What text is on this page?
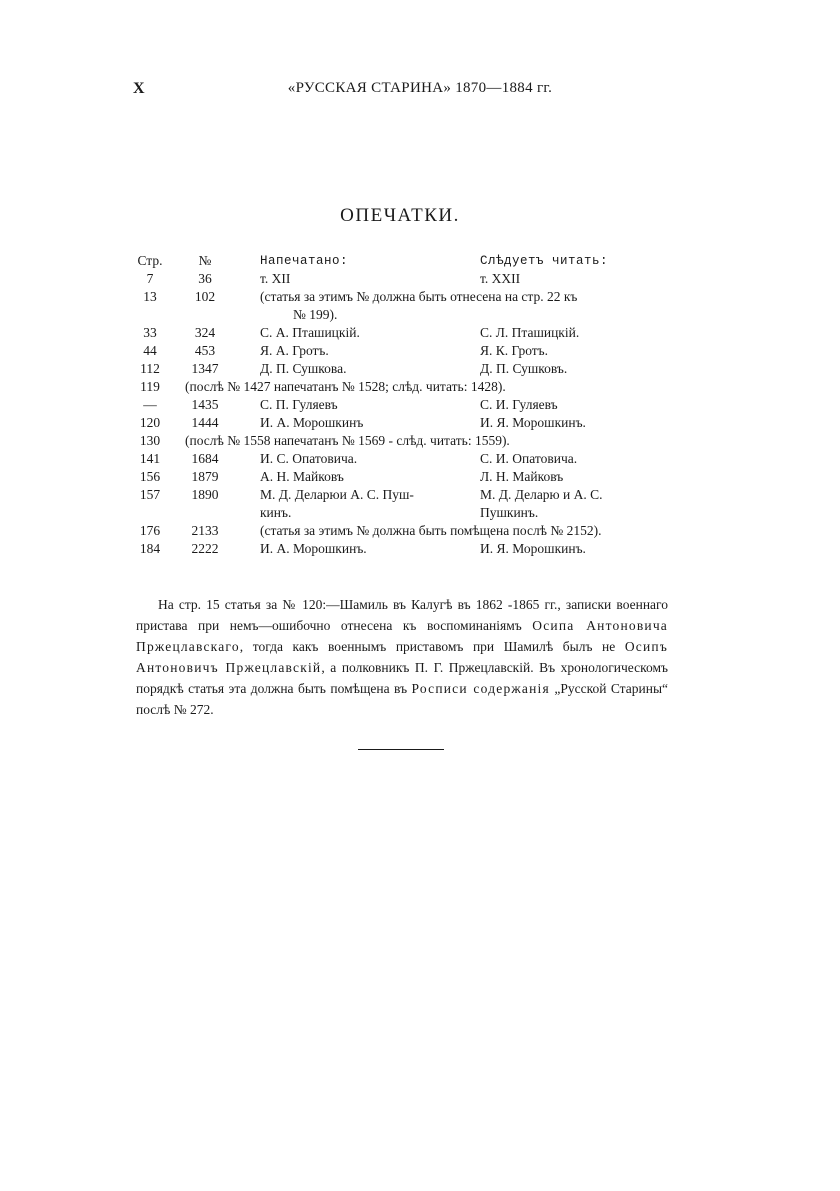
X	«РУССКАЯ СТАРИНА» 1870—1884 гг.
ОПЕЧАТКИ.
Стр.	№	Напечатано:	Слѣдуетъ читать:
7	36	т. XII	т. XXII
13	102	(статья за этимъ № должна быть отнесена на стр. 22 къ
№ 199).
33	324	С. А. Пташицкій.	С. Л. Пташицкій.
44	453	Я. А. Гротъ.	Я. К. Гротъ.
112	1347	Д. П. Сушкова.	Д. П. Сушковъ.
119	(послѣ № 1427 напечатанъ № 1528; слѣд. читать: 1428).
—	1435	С. П. Гуляевъ	С. И. Гуляевъ
120	1444	И. А. Морошкинъ	И. Я. Морошкинъ.
130	(послѣ № 1558 напечатанъ № 1569 - слѣд. читать: 1559).
141	1684	И. С. Опатовича.	С. И. Опатовича.
156	1879	А. Н. Майковъ	Л. Н. Майковъ
157	1890	М. Д. Деларюи А. С. Пуш-	М. Д. Деларю и А. С.
кинъ.	Пушкинъ.
176	2133	(статья за этимъ № должна быть помѣщена послѣ № 2152).
184	2222	И. А. Морошкинъ.	И. Я. Морошкинъ.

На стр. 15 статья за № 120:—Шамиль въ Калугѣ въ 1862 -1865 гг., записки военнаго пристава при немъ—ошибочно отнесена къ воспоминаніямъ Осипа Антоновича Пржецлавскаго, тогда какъ военнымъ приставомъ при Шамилѣ былъ не Осипъ Антоновичъ Пржецлавскій, а полковникъ П. Г. Пржецлавскій. Въ хронологическомъ порядкѣ статья эта должна быть помѣщена въ Росписи содержанія „Русской Старины“ послѣ № 272.
